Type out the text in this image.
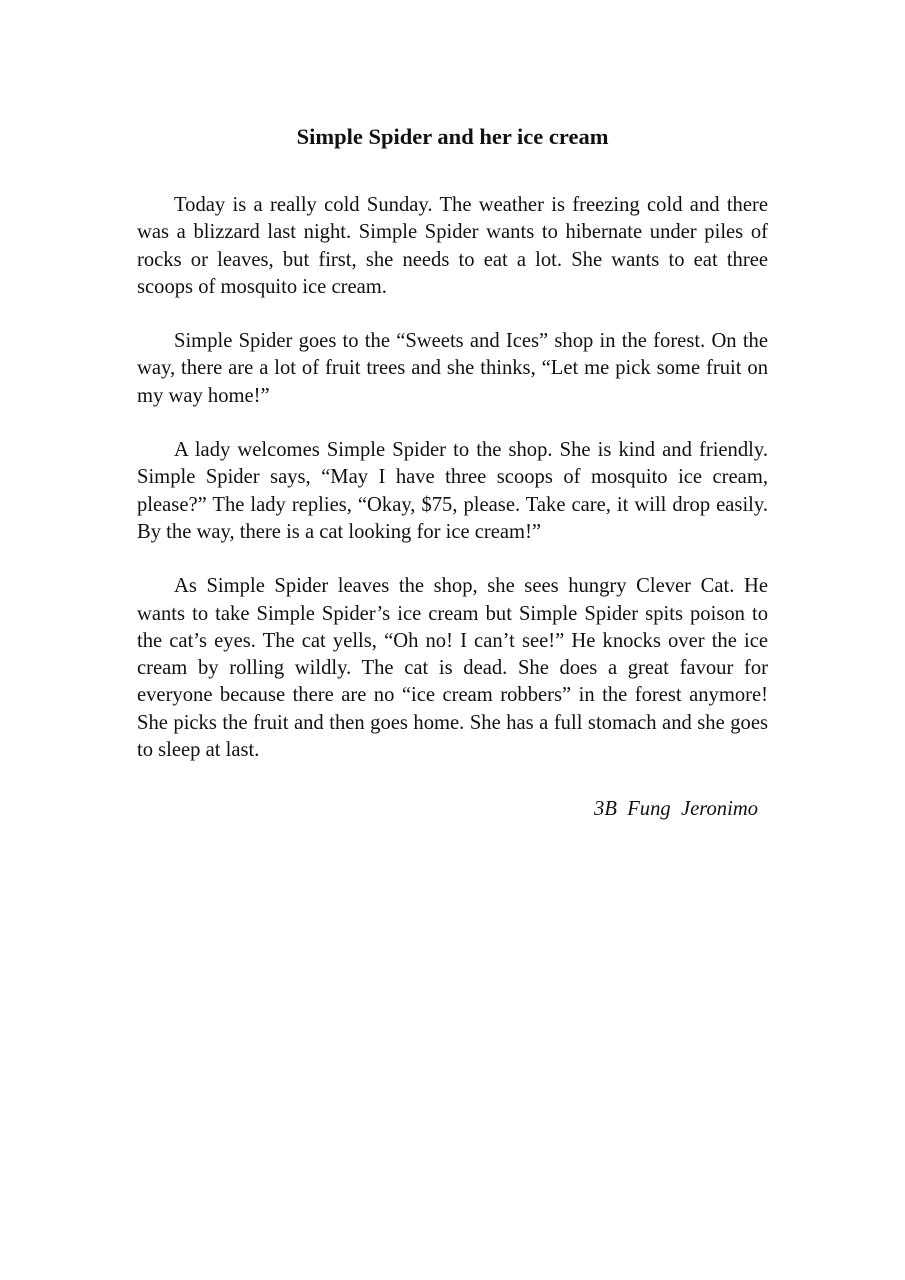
Simple Spider and her ice cream

Today is a really cold Sunday. The weather is freezing cold and there was a blizzard last night. Simple Spider wants to hibernate under piles of rocks or leaves, but first, she needs to eat a lot. She wants to eat three scoops of mosquito ice cream.

Simple Spider goes to the “Sweets and Ices” shop in the forest. On the way, there are a lot of fruit trees and she thinks, “Let me pick some fruit on my way home!”

A lady welcomes Simple Spider to the shop. She is kind and friendly. Simple Spider says, “May I have three scoops of mosquito ice cream, please?” The lady replies, “Okay, $75, please. Take care, it will drop easily. By the way, there is a cat looking for ice cream!”

As Simple Spider leaves the shop, she sees hungry Clever Cat. He wants to take Simple Spider’s ice cream but Simple Spider spits poison to the cat’s eyes. The cat yells, “Oh no! I can’t see!” He knocks over the ice cream by rolling wildly. The cat is dead. She does a great favour for everyone because there are no “ice cream robbers” in the forest anymore! She picks the fruit and then goes home. She has a full stomach and she goes to sleep at last.

3B  Fung  Jeronimo
